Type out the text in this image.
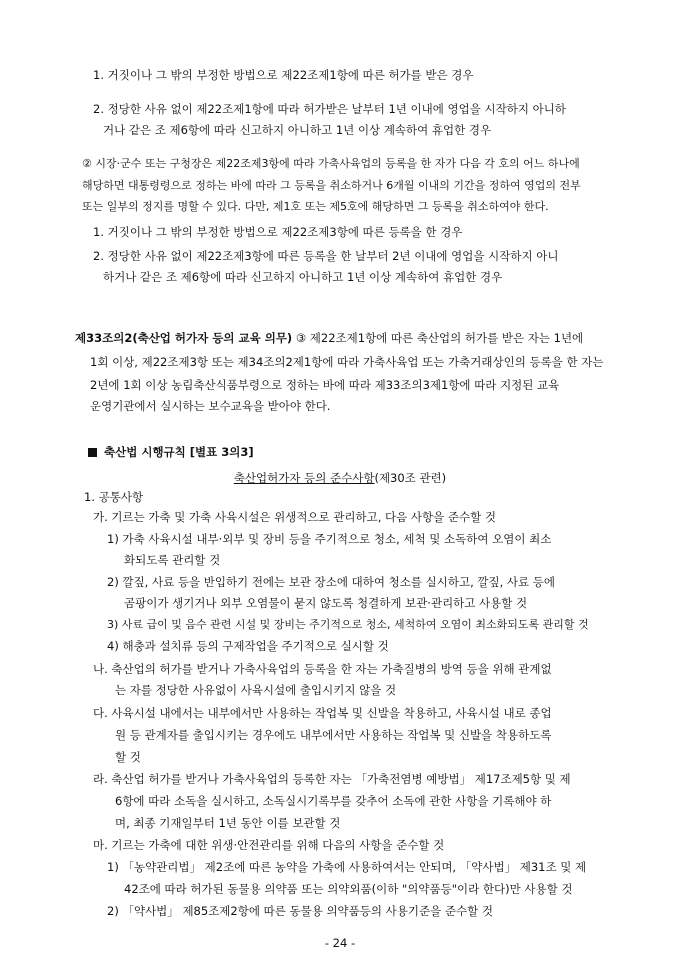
1. 거짓이나 그 밖의 부정한 방법으로 제22조제1항에 따른 허가를 받은 경우
2. 정당한 사유 없이 제22조제1항에 따라 허가받은 날부터 1년 이내에 영업을 시작하지 아니하
거나 같은 조 제6항에 따라 신고하지 아니하고 1년 이상 계속하여 휴업한 경우
② 시장·군수 또는 구청장은 제22조제3항에 따라 가축사육업의 등록을 한 자가 다음 각 호의 어느 하나에
해당하면 대통령령으로 정하는 바에 따라 그 등록을 취소하거나 6개월 이내의 기간을 정하여 영업의 전부
또는 일부의 정지를 명할 수 있다. 다만, 제1호 또는 제5호에 해당하면 그 등록을 취소하여야 한다.
1. 거짓이나 그 밖의 부정한 방법으로 제22조제3항에 따른 등록을 한 경우
2. 정당한 사유 없이 제22조제3항에 따른 등록을 한 날부터 2년 이내에 영업을 시작하지 아니
하거나 같은 조 제6항에 따라 신고하지 아니하고 1년 이상 계속하여 휴업한 경우
제33조의2(축산업 허가자 등의 교육 의무) ③ 제22조제1항에 따른 축산업의 허가를 받은 자는 1년에
1회 이상, 제22조제3항 또는 제34조의2제1항에 따라 가축사육업 또는 가축거래상인의 등록을 한 자는
2년에 1회 이상 농림축산식품부령으로 정하는 바에 따라 제33조의3제1항에 따라 지정된 교육
운영기관에서 실시하는 보수교육을 받아야 한다.
축산법 시행규칙 [별표 3의3]
축산업허가자 등의 준수사항(제30조 관련)
1. 공통사항
가. 기르는 가축 및 가축 사육시설은 위생적으로 관리하고, 다음 사항을 준수할 것
1) 가축 사육시설 내부·외부 및 장비 등을 주기적으로 청소, 세척 및 소독하여 오염이 최소
화되도록 관리할 것
2) 깔짚, 사료 등을 반입하기 전에는 보관 장소에 대하여 청소를 실시하고, 깔짚, 사료 등에
곰팡이가 생기거나 외부 오염물이 묻지 않도록 청결하게 보관·관리하고 사용할 것
3) 사료 급이 및 음수 관련 시설 및 장비는 주기적으로 청소, 세척하여 오염이 최소화되도록 관리할 것
4) 해충과 설치류 등의 구제작업을 주기적으로 실시할 것
나. 축산업의 허가를 받거나 가축사육업의 등록을 한 자는 가축질병의 방역 등을 위해 관계없
는 자를 정당한 사유없이 사육시설에 출입시키지 않을 것
다. 사육시설 내에서는 내부에서만 사용하는 작업복 및 신발을 착용하고, 사육시설 내로 종업
원 등 관계자를 출입시키는 경우에도 내부에서만 사용하는 작업복 및 신발을 착용하도록
할 것
라. 축산업 허가를 받거나 가축사육업의 등록한 자는 「가축전염병 예방법」 제17조제5항 및 제
6항에 따라 소독을 실시하고, 소독실시기록부를 갖추어 소독에 관한 사항을 기록해야 하
며, 최종 기재일부터 1년 동안 이를 보관할 것
마. 기르는 가축에 대한 위생·안전관리를 위해 다음의 사항을 준수할 것
1) 「농약관리법」 제2조에 따른 농약을 가축에 사용하여서는 안되며, 「약사법」 제31조 및 제
42조에 따라 허가된 동물용 의약품 또는 의약외품(이하 "의약품등"이라 한다)만 사용할 것
2) 「약사법」 제85조제2항에 따른 동물용 의약품등의 사용기준을 준수할 것
- 24 -
